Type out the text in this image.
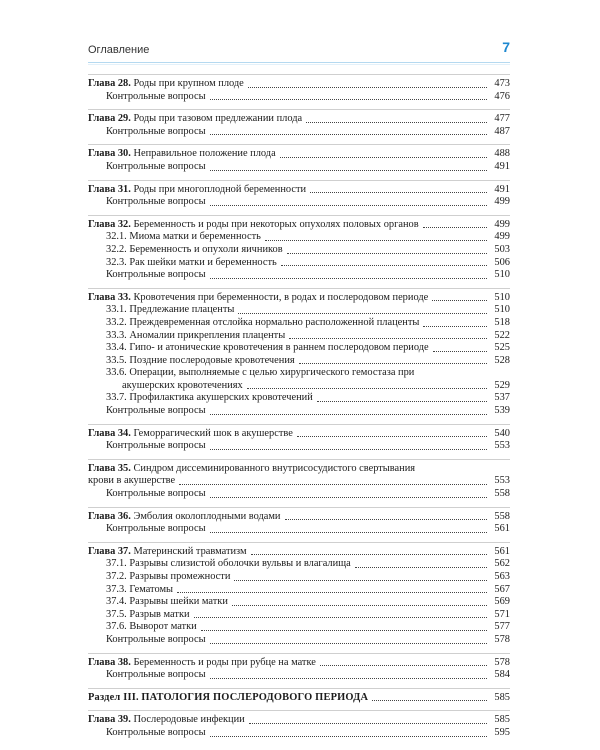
Оглавление	7
Глава 28. Роды при крупном плоде	473
Контрольные вопросы	476
Глава 29. Роды при тазовом предлежании плода	477
Контрольные вопросы	487
Глава 30. Неправильное положение плода	488
Контрольные вопросы	491
Глава 31. Роды при многоплодной беременности	491
Контрольные вопросы	499
Глава 32. Беременность и роды при некоторых опухолях половых органов	499
32.1. Миома матки и беременность	499
32.2. Беременность и опухоли яичников	503
32.3. Рак шейки матки и беременность	506
Контрольные вопросы	510
Глава 33. Кровотечения при беременности, в родах и послеродовом периоде	510
33.1. Предлежание плаценты	510
33.2. Преждевременная отслойка нормально расположенной плаценты	518
33.3. Аномалии прикрепления плаценты	522
33.4. Гипо- и атонические кровотечения в раннем послеродовом периоде	525
33.5. Поздние послеродовые кровотечения	528
33.6. Операции, выполняемые с целью хирургического гемостаза при
акушерских кровотечениях	529
33.7. Профилактика акушерских кровотечений	537
Контрольные вопросы	539
Глава 34. Геморрагический шок в акушерстве	540
Контрольные вопросы	553
Глава 35. Синдром диссеминированного внутрисосудистого свертывания
крови в акушерстве	553
Контрольные вопросы	558
Глава 36. Эмболия околоплодными водами	558
Контрольные вопросы	561
Глава 37. Материнский травматизм	561
37.1. Разрывы слизистой оболочки вульвы и влагалища	562
37.2. Разрывы промежности	563
37.3. Гематомы	567
37.4. Разрывы шейки матки	569
37.5. Разрыв матки	571
37.6. Выворот матки	577
Контрольные вопросы	578
Глава 38. Беременность и роды при рубце на матке	578
Контрольные вопросы	584
Раздел III. ПАТОЛОГИЯ ПОСЛЕРОДОВОГО ПЕРИОДА	585
Глава 39. Послеродовые инфекции	585
Контрольные вопросы	595
